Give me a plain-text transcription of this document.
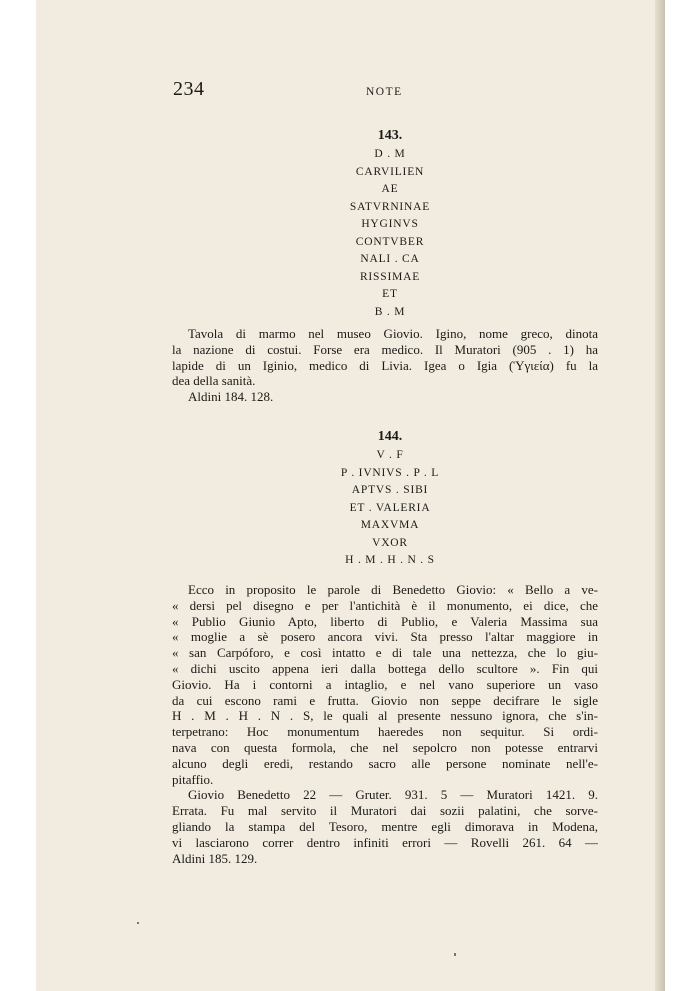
234	NOTE
143.
D . M
CARVILIEN
AE
SATVRNINAE
HYGINVS
CONTVBER
NALI . CA
RISSIMAE
ET
B . M
Tavola di marmo nel museo Giovio. Igino, nome greco, dinota
la nazione di costui. Forse era medico. Il Muratori (905 . 1) ha
lapide di un Iginio, medico di Livia. Igea o Igia (Ὑγιεία) fu la
dea della sanità.
Aldini 184. 128.
144.
V . F
P . IVNIVS . P . L
APTVS . SIBI
ET . VALERIA
MAXVMA
VXOR
H . M . H . N . S
Ecco in proposito le parole di Benedetto Giovio: « Bello a ve-
« dersi pel disegno e per l'antichità è il monumento, ei dice, che
« Publio Giunio Apto, liberto di Publio, e Valeria Massima sua
« moglie a sè posero ancora vivi. Sta presso l'altar maggiore in
« san Carpóforo, e così intatto e di tale una nettezza, che lo giu-
« dichi uscito appena ieri dalla bottega dello scultore ». Fin qui
Giovio. Ha i contorni a intaglio, e nel vano superiore un vaso
da cui escono rami e frutta. Giovio non seppe decifrare le sigle
H . M . H . N . S, le quali al presente nessuno ignora, che s'in-
terpetrano: Hoc monumentum haeredes non sequitur. Si ordi-
nava con questa formola, che nel sepolcro non potesse entrarvi
alcuno degli eredi, restando sacro alle persone nominate nell'e-
pitaffio.
Giovio Benedetto 22 — Gruter. 931. 5 — Muratori 1421. 9.
Errata. Fu mal servito il Muratori dai sozii palatini, che sorve-
gliando la stampa del Tesoro, mentre egli dimorava in Modena,
vi lasciarono correr dentro infiniti errori — Rovelli 261. 64 —
Aldini 185. 129.
